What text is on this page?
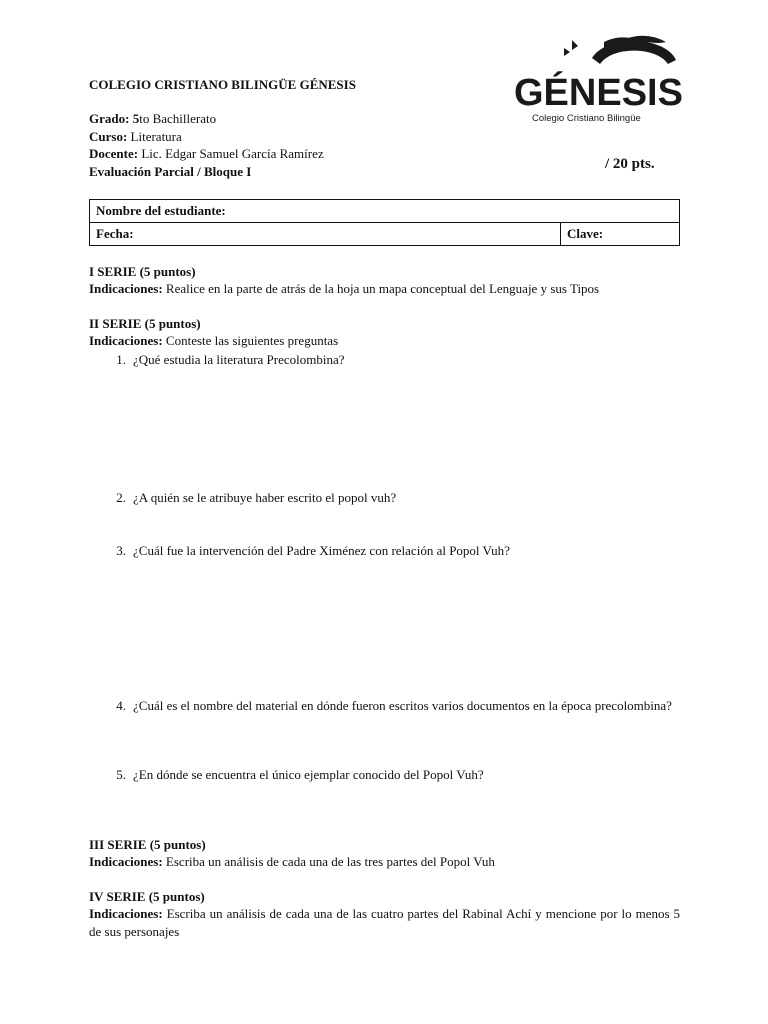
COLEGIO CRISTIANO BILINGÜE GÉNESIS	GÉNESIS
Colegio Cristiano Bilingüe
Grado: 5to Bachillerato
Curso: Literatura
Docente: Lic. Edgar Samuel García Ramírez
Evaluación Parcial / Bloque I	/ 20 pts.
Nombre del estudiante:
Fecha:	Clave:
I SERIE (5 puntos)
Indicaciones: Realice en la parte de atrás de la hoja un mapa conceptual del Lenguaje y sus Tipos
II SERIE (5 puntos)
Indicaciones: Conteste las siguientes preguntas
1. ¿Qué estudia la literatura Precolombina?
2. ¿A quién se le atribuye haber escrito el popol vuh?
3. ¿Cuál fue la intervención del Padre Ximénez con relación al Popol Vuh?
4. ¿Cuál es el nombre del material en dónde fueron escritos varios documentos en la época precolombina?
5. ¿En dónde se encuentra el único ejemplar conocido del Popol Vuh?
III SERIE (5 puntos)
Indicaciones: Escriba un análisis de cada una de las tres partes del Popol Vuh
IV SERIE (5 puntos)
Indicaciones: Escriba un análisis de cada una de las cuatro partes del Rabinal Achí y mencione por lo menos 5 de sus personajes
